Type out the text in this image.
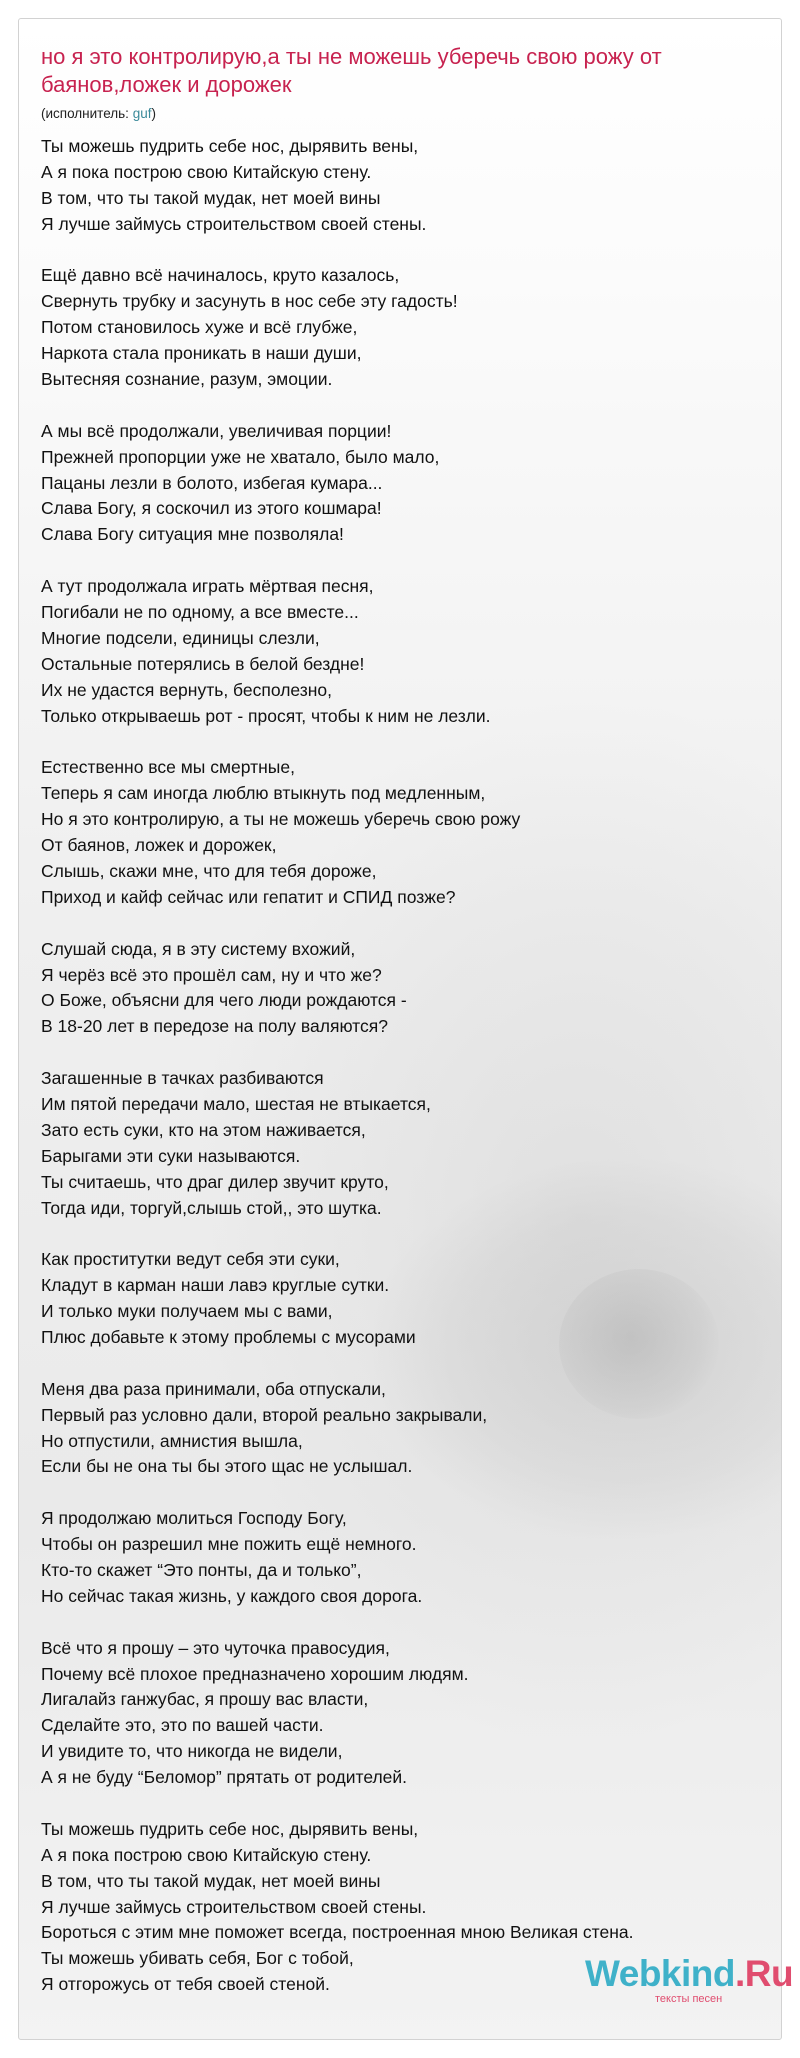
но я это контролирую,а ты не можешь уберечь свою рожу от баянов,ложек и дорожек

(исполнитель: guf)

Ты можешь пудрить себе нос, дырявить вены,
А я пока построю свою Китайскую стену.
В том, что ты такой мудак, нет моей вины
Я лучше займусь строительством своей стены.
Ещё давно всё начиналось, круто казалось,
Свернуть трубку и засунуть в нос себе эту гадость!
Потом становилось хуже и всё глубже,
Наркота стала проникать в наши души,
Вытесняя сознание, разум, эмоции.
А мы всё продолжали, увеличивая порции!
Прежней пропорции уже не хватало, было мало,
Пацаны лезли в болото, избегая кумара...
Слава Богу, я соскочил из этого кошмара!
Слава Богу ситуация мне позволяла!
А тут продолжала играть мёртвая песня,
Погибали не по одному, а все вместе...
Многие подсели, единицы слезли,
Остальные потерялись в белой бездне!
Их не удастся вернуть, бесполезно,
Только открываешь рот - просят, чтобы к ним не лезли.
Естественно все мы смертные,
Теперь я сам иногда люблю втыкнуть под медленным,
Но я это контролирую, а ты не можешь уберечь свою рожу
От баянов, ложек и дорожек,
Слышь, скажи мне, что для тебя дороже,
Приход и кайф сейчас или гепатит и СПИД позже?
Слушай сюда, я в эту систему вхожий,
Я черёз всё это прошёл сам, ну и что же?
О Боже, объясни для чего люди рождаются -
В 18-20 лет в передозе на полу валяются?
Загашенные в тачках разбиваются
Им пятой передачи мало, шестая не втыкается,
Зато есть суки, кто на этом наживается,
Барыгами эти суки называются.
Ты считаешь, что драг дилер звучит круто,
Тогда иди, торгуй,слышь стой,, это шутка.
Как проститутки ведут себя эти суки,
Кладут в карман наши лавэ круглые сутки.
И только муки получаем мы с вами,
Плюс добавьте к этому проблемы с мусорами
Меня два раза принимали, оба отпускали,
Первый раз условно дали, второй реально закрывали,
Но отпустили, амнистия вышла,
Если бы не она ты бы этого щас не услышал.
Я продолжаю молиться Господу Богу,
Чтобы он разрешил мне пожить ещё немного.
Кто-то скажет “Это понты, да и только”,
Но сейчас такая жизнь, у каждого своя дорога.
Всё что я прошу – это чуточка правосудия,
Почему всё плохое предназначено хорошим людям.
Лигалайз ганжубас, я прошу вас власти,
Сделайте это, это по вашей части.
И увидите то, что никогда не видели,
А я не буду “Беломор” прятать от родителей.
Ты можешь пудрить себе нос, дырявить вены,
А я пока построю свою Китайскую стену.
В том, что ты такой мудак, нет моей вины
Я лучше займусь строительством своей стены.
Бороться с этим мне поможет всегда, построенная мною Великая стена.
Ты можешь убивать себя, Бог с тобой,
Я отгорожусь от тебя своей стеной.	Webkind.Ru
тексты песен
